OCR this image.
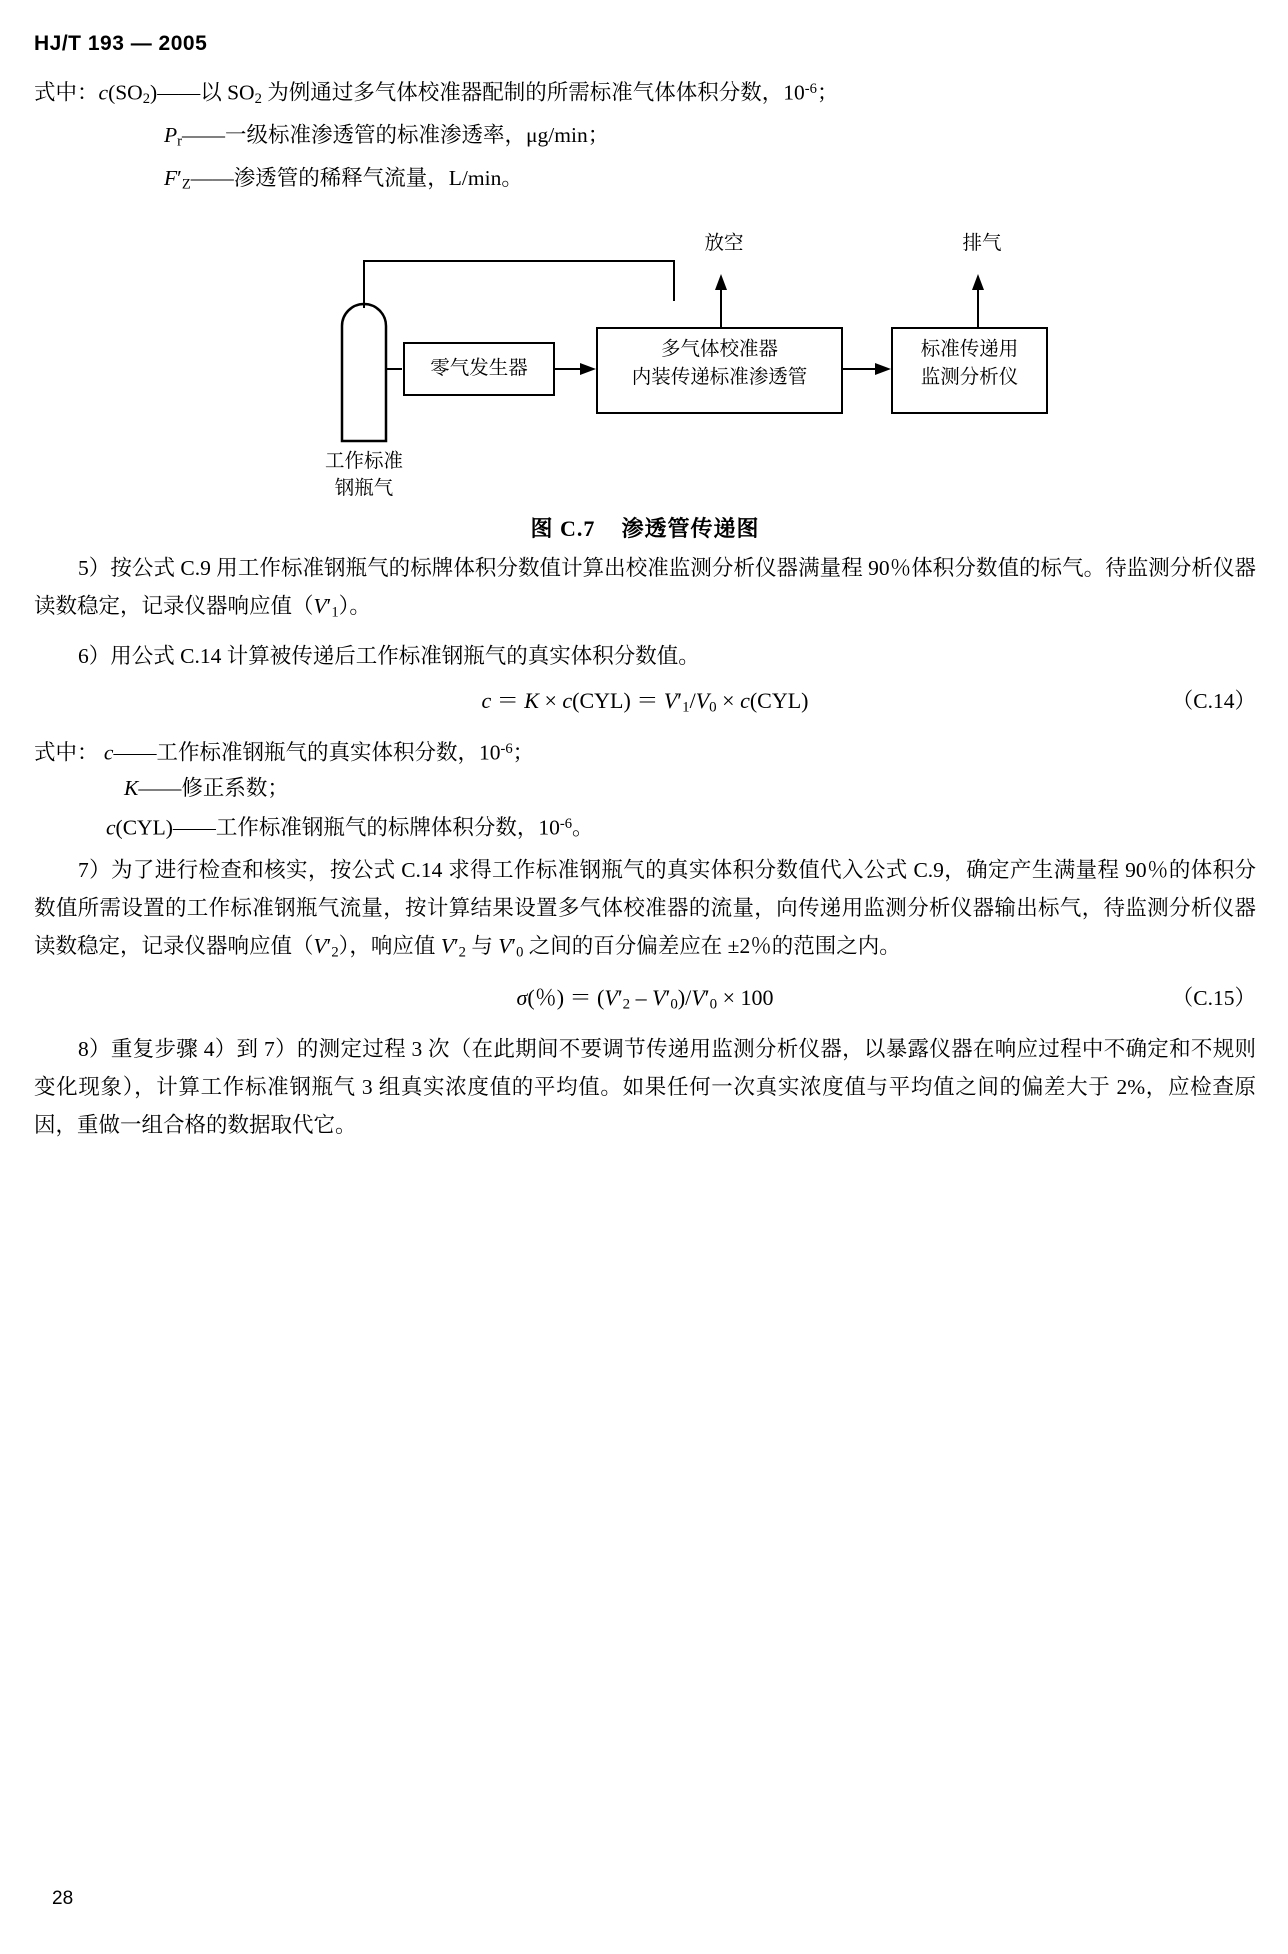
HJ/T 193 — 2005
式中：$c(SO_2)——$以 $SO_2$ 为例通过多气体校准器配制的所需标准气体体积分数，$10^{-6}$；
$P_r——$一级标准渗透管的标准渗透率，μg/min；
$F'_Z——$渗透管的稀释气流量，L/min。
放空	排气
零气发生器
多气体校准器
内装传递标准渗透管
标准传递用
监测分析仪
工作标准
钢瓶气
图 C.7 渗透管传递图
5）按公式 C.9 用工作标准钢瓶气的标牌体积分数值计算出校准监测分析仪器满量程 90％体积分数值的标气。待监测分析仪器读数稳定，记录仪器响应值$(V'_1)$。
6）用公式 C.14 计算被传递后工作标准钢瓶气的真实体积分数值。
$c = K \times c(CYL) = V'_1/V_0 \times c(CYL)$	（C.14）
式中： c——工作标准钢瓶气的真实体积分数，$10^{-6}$；
K——修正系数；
c(CYL)——工作标准钢瓶气的标牌体积分数，$10^{-6}$。
7）为了进行检查和核实，按公式 C.14 求得工作标准钢瓶气的真实体积分数值代入公式 C.9，确定产生满量程 90％的体积分数值所需设置的工作标准钢瓶气流量，按计算结果设置多气体校准器的流量，向传递用监测分析仪器输出标气，待监测分析仪器读数稳定，记录仪器响应值$(V'_2)$，响应值 $V'_2$ 与 $V'_0$ 之间的百分偏差应在 ±2％的范围之内。
σ(％) ＝ $(V'_2 - V'_0)/V'_0 \times 100$	（C.15）
8）重复步骤 4）到 7）的测定过程 3 次（在此期间不要调节传递用监测分析仪器，以暴露仪器在响应过程中不确定和不规则变化现象），计算工作标准钢瓶气 3 组真实浓度值的平均值。如果任何一次真实浓度值与平均值之间的偏差大于 2%，应检查原因，重做一组合格的数据取代它。
28
